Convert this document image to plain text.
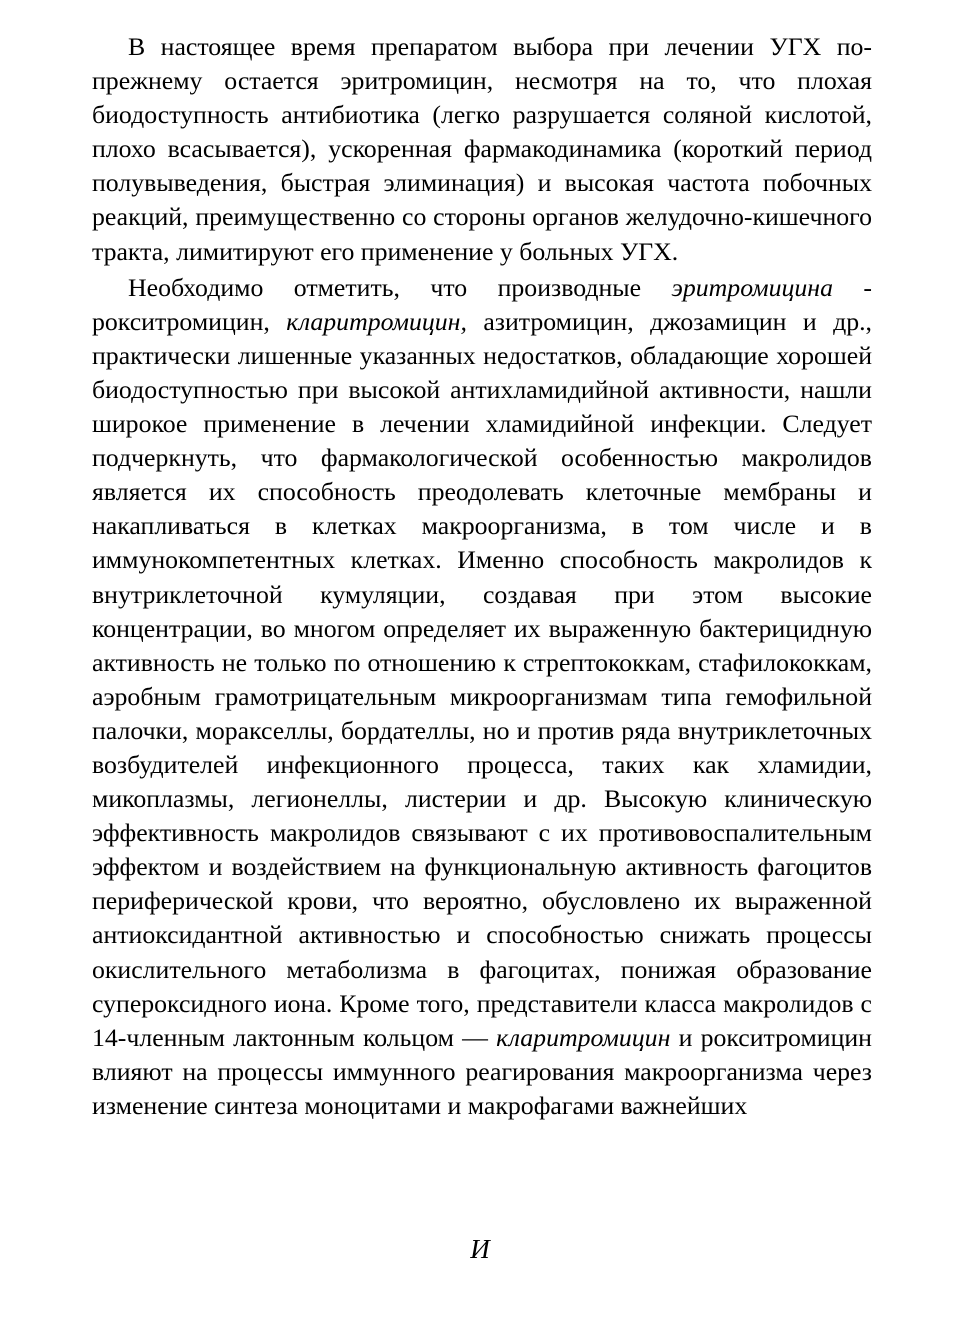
В настоящее время препаратом выбора при лечении УГХ по-прежнему остается эритромицин, несмотря на то, что плохая биодоступность антибиотика (легко разрушается соляной кислотой, плохо всасывается), ускоренная фармакодинамика (короткий период полувыведения, быстрая элиминация) и высокая частота побочных реакций, преимущественно со стороны органов желудочно-кишечного тракта, лимитируют его применение у больных УГХ.

Необходимо отметить, что производные эритромицина - рокситромицин, кларитромицин, азитромицин, джозамицин и др., практически лишенные указанных недостатков, обладающие хорошей биодоступностью при высокой антихламидийной активности, нашли широкое применение в лечении хламидийной инфекции. Следует подчеркнуть, что фармакологической особенностью макролидов является их способность преодолевать клеточные мембраны и накапливаться в клетках макроорганизма, в том числе и в иммунокомпетентных клетках. Именно способность макролидов к внутриклеточной кумуляции, создавая при этом высокие концентрации, во многом определяет их выраженную бактерицидную активность не только по отношению к стрептококкам, стафилококкам, аэробным грамотрицательным микроорганизмам типа гемофильной палочки, моракселлы, бордателлы, но и против ряда внутриклеточных возбудителей инфекционного процесса, таких как хламидии, микоплазмы, легионеллы, листерии и др. Высокую клиническую эффективность макролидов связывают с их противовоспалительным эффектом и воздействием на функциональную активность фагоцитов периферической крови, что вероятно, обусловлено их выраженной антиоксидантной активностью и способностью снижать процессы окислительного метаболизма в фагоцитах, понижая образование супероксидного иона. Кроме того, представители класса макролидов с 14-членным лактонным кольцом — кларитромицин и рокситромицин влияют на процессы иммунного реагирования макроорганизма через изменение синтеза моноцитами и макрофагами важнейших

И
